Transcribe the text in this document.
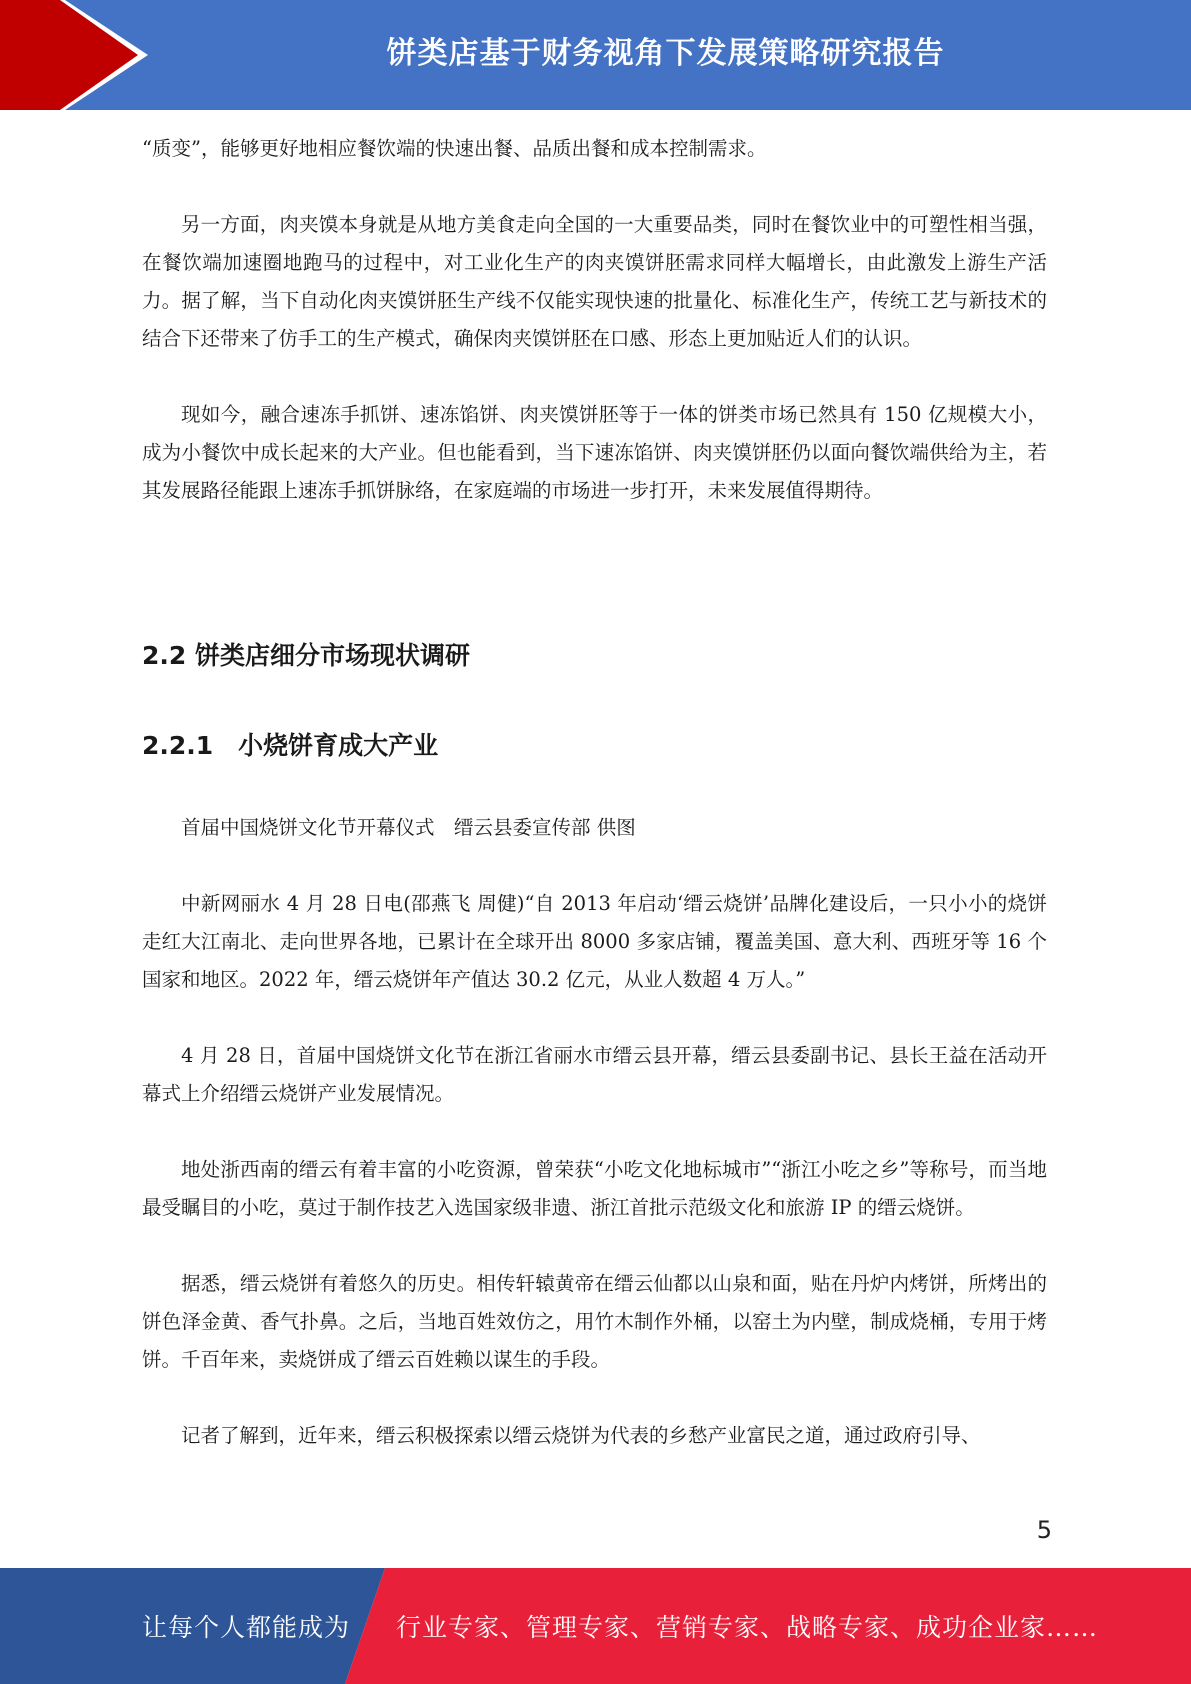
饼类店基于财务视角下发展策略研究报告

“质变”，能够更好地相应餐饮端的快速出餐、品质出餐和成本控制需求。

另一方面，肉夹馍本身就是从地方美食走向全国的一大重要品类，同时在餐饮业中的可塑性相当强，在餐饮端加速圈地跑马的过程中，对工业化生产的肉夹馍饼胚需求同样大幅增长，由此激发上游生产活力。据了解，当下自动化肉夹馍饼胚生产线不仅能实现快速的批量化、标准化生产，传统工艺与新技术的结合下还带来了仿手工的生产模式，确保肉夹馍饼胚在口感、形态上更加贴近人们的认识。

现如今，融合速冻手抓饼、速冻馅饼、肉夹馍饼胚等于一体的饼类市场已然具有 150 亿规模大小，成为小餐饮中成长起来的大产业。但也能看到，当下速冻馅饼、肉夹馍饼胚仍以面向餐饮端供给为主，若其发展路径能跟上速冻手抓饼脉络，在家庭端的市场进一步打开，未来发展值得期待。

2.2 饼类店细分市场现状调研
2.2.1　小烧饼育成大产业

首届中国烧饼文化节开幕仪式　缙云县委宣传部 供图

中新网丽水 4 月 28 日电(邵燕飞 周健)“自 2013 年启动‘缙云烧饼’品牌化建设后，一只小小的烧饼走红大江南北、走向世界各地，已累计在全球开出 8000 多家店铺，覆盖美国、意大利、西班牙等 16 个国家和地区。2022 年，缙云烧饼年产值达 30.2 亿元，从业人数超 4 万人。”

4 月 28 日，首届中国烧饼文化节在浙江省丽水市缙云县开幕，缙云县委副书记、县长王益在活动开幕式上介绍缙云烧饼产业发展情况。

地处浙西南的缙云有着丰富的小吃资源，曾荣获“小吃文化地标城市”“浙江小吃之乡”等称号，而当地最受瞩目的小吃，莫过于制作技艺入选国家级非遗、浙江首批示范级文化和旅游 IP 的缙云烧饼。

据悉，缙云烧饼有着悠久的历史。相传轩辕黄帝在缙云仙都以山泉和面，贴在丹炉内烤饼，所烤出的饼色泽金黄、香气扑鼻。之后，当地百姓效仿之，用竹木制作外桶，以窑土为内壁，制成烧桶，专用于烤饼。千百年来，卖烧饼成了缙云百姓赖以谋生的手段。

记者了解到，近年来，缙云积极探索以缙云烧饼为代表的乡愁产业富民之道，通过政府引导、

5
让每个人都能成为 行业专家、管理专家、营销专家、战略专家、成功企业家……
